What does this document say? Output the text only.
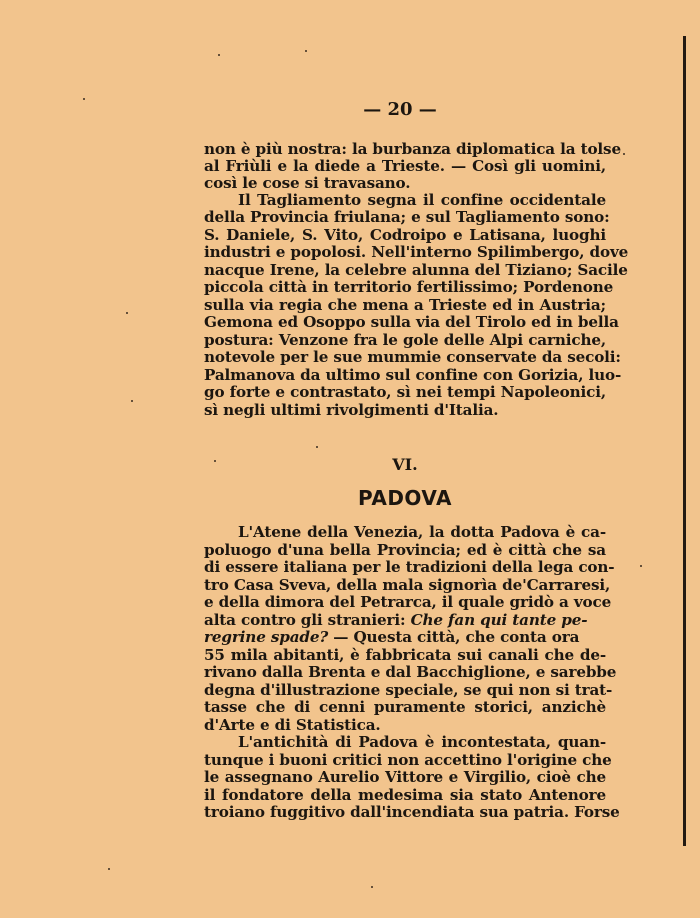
— 20 —
non è più nostra: la burbanza diplomatica la tolse
al Friùli e la diede a Trieste. — Così gli uomini,
così le cose si travasano.
Il Tagliamento segna il confine occidentale
della Provincia friulana; e sul Tagliamento sono:
S. Daniele, S. Vito, Codroipo e Latisana, luoghi
industri e popolosi. Nell'interno Spilimbergo, dove
nacque Irene, la celebre alunna del Tiziano; Sacile
piccola città in territorio fertilissimo; Pordenone
sulla via regia che mena a Trieste ed in Austria;
Gemona ed Osoppo sulla via del Tirolo ed in bella
postura: Venzone fra le gole delle Alpi carniche,
notevole per le sue mummie conservate da secoli:
Palmanova da ultimo sul confine con Gorizia, luo-
go forte e contrastato, sì nei tempi Napoleonici,
sì negli ultimi rivolgimenti d'Italia.
VI.
PADOVA
L'Atene della Venezia, la dotta Padova è ca-
poluogo d'una bella Provincia; ed è città che sa
di essere italiana per le tradizioni della lega con-
tro Casa Sveva, della mala signorìa de'Carraresi,
e della dimora del Petrarca, il quale gridò a voce
alta contro gli stranieri: Che fan qui tante pe-
regrine spade? — Questa città, che conta ora
55 mila abitanti, è fabbricata sui canali che de-
rivano dalla Brenta e dal Bacchiglione, e sarebbe
degna d'illustrazione speciale, se qui non si trat-
tasse che di cenni puramente storici, anzichè
d'Arte e di Statistica.
L'antichità di Padova è incontestata, quan-
tunque i buoni critici non accettino l'origine che
le assegnano Aurelio Vittore e Virgilio, cioè che
il fondatore della medesima sia stato Antenore
troiano fuggitivo dall'incendiata sua patria. Forse
